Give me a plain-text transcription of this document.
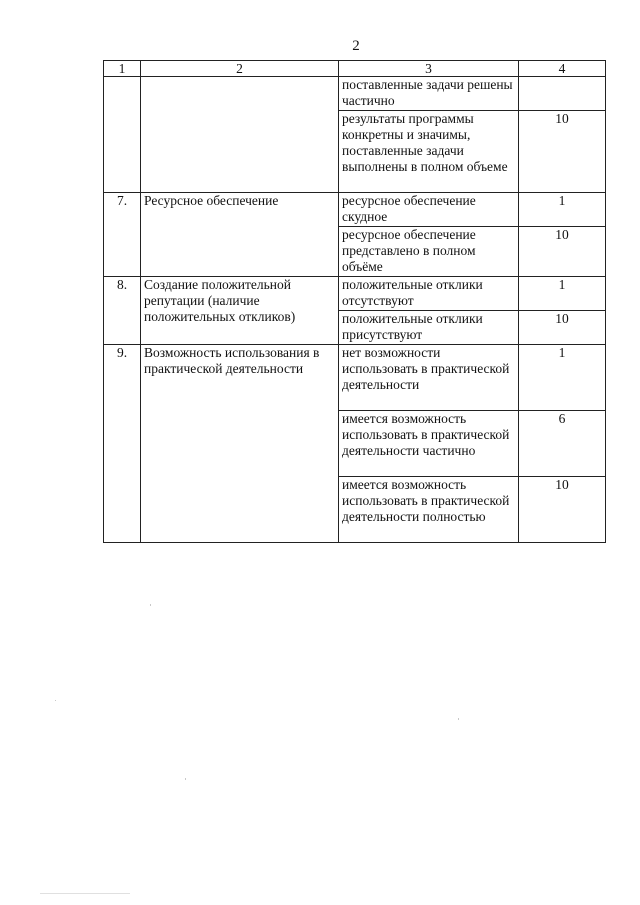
2
1	2	3	4
		поставленные задачи решены частично	
		результаты программы конкретны и значимы, поставленные задачи выполнены в полном объеме	10
7.	Ресурсное обеспечение	ресурсное обеспечение скудное	1
		ресурсное обеспечение представлено в полном объёме	10
8.	Создание положительной репутации (наличие положительных откликов)	положительные отклики отсутствуют	1
		положительные отклики присутствуют	10
9.	Возможность использования в практической деятельности	нет возможности использовать в практической деятельности	1
		имеется возможность использовать в практической деятельности частично	6
		имеется возможность использовать в практической деятельности полностью	10
